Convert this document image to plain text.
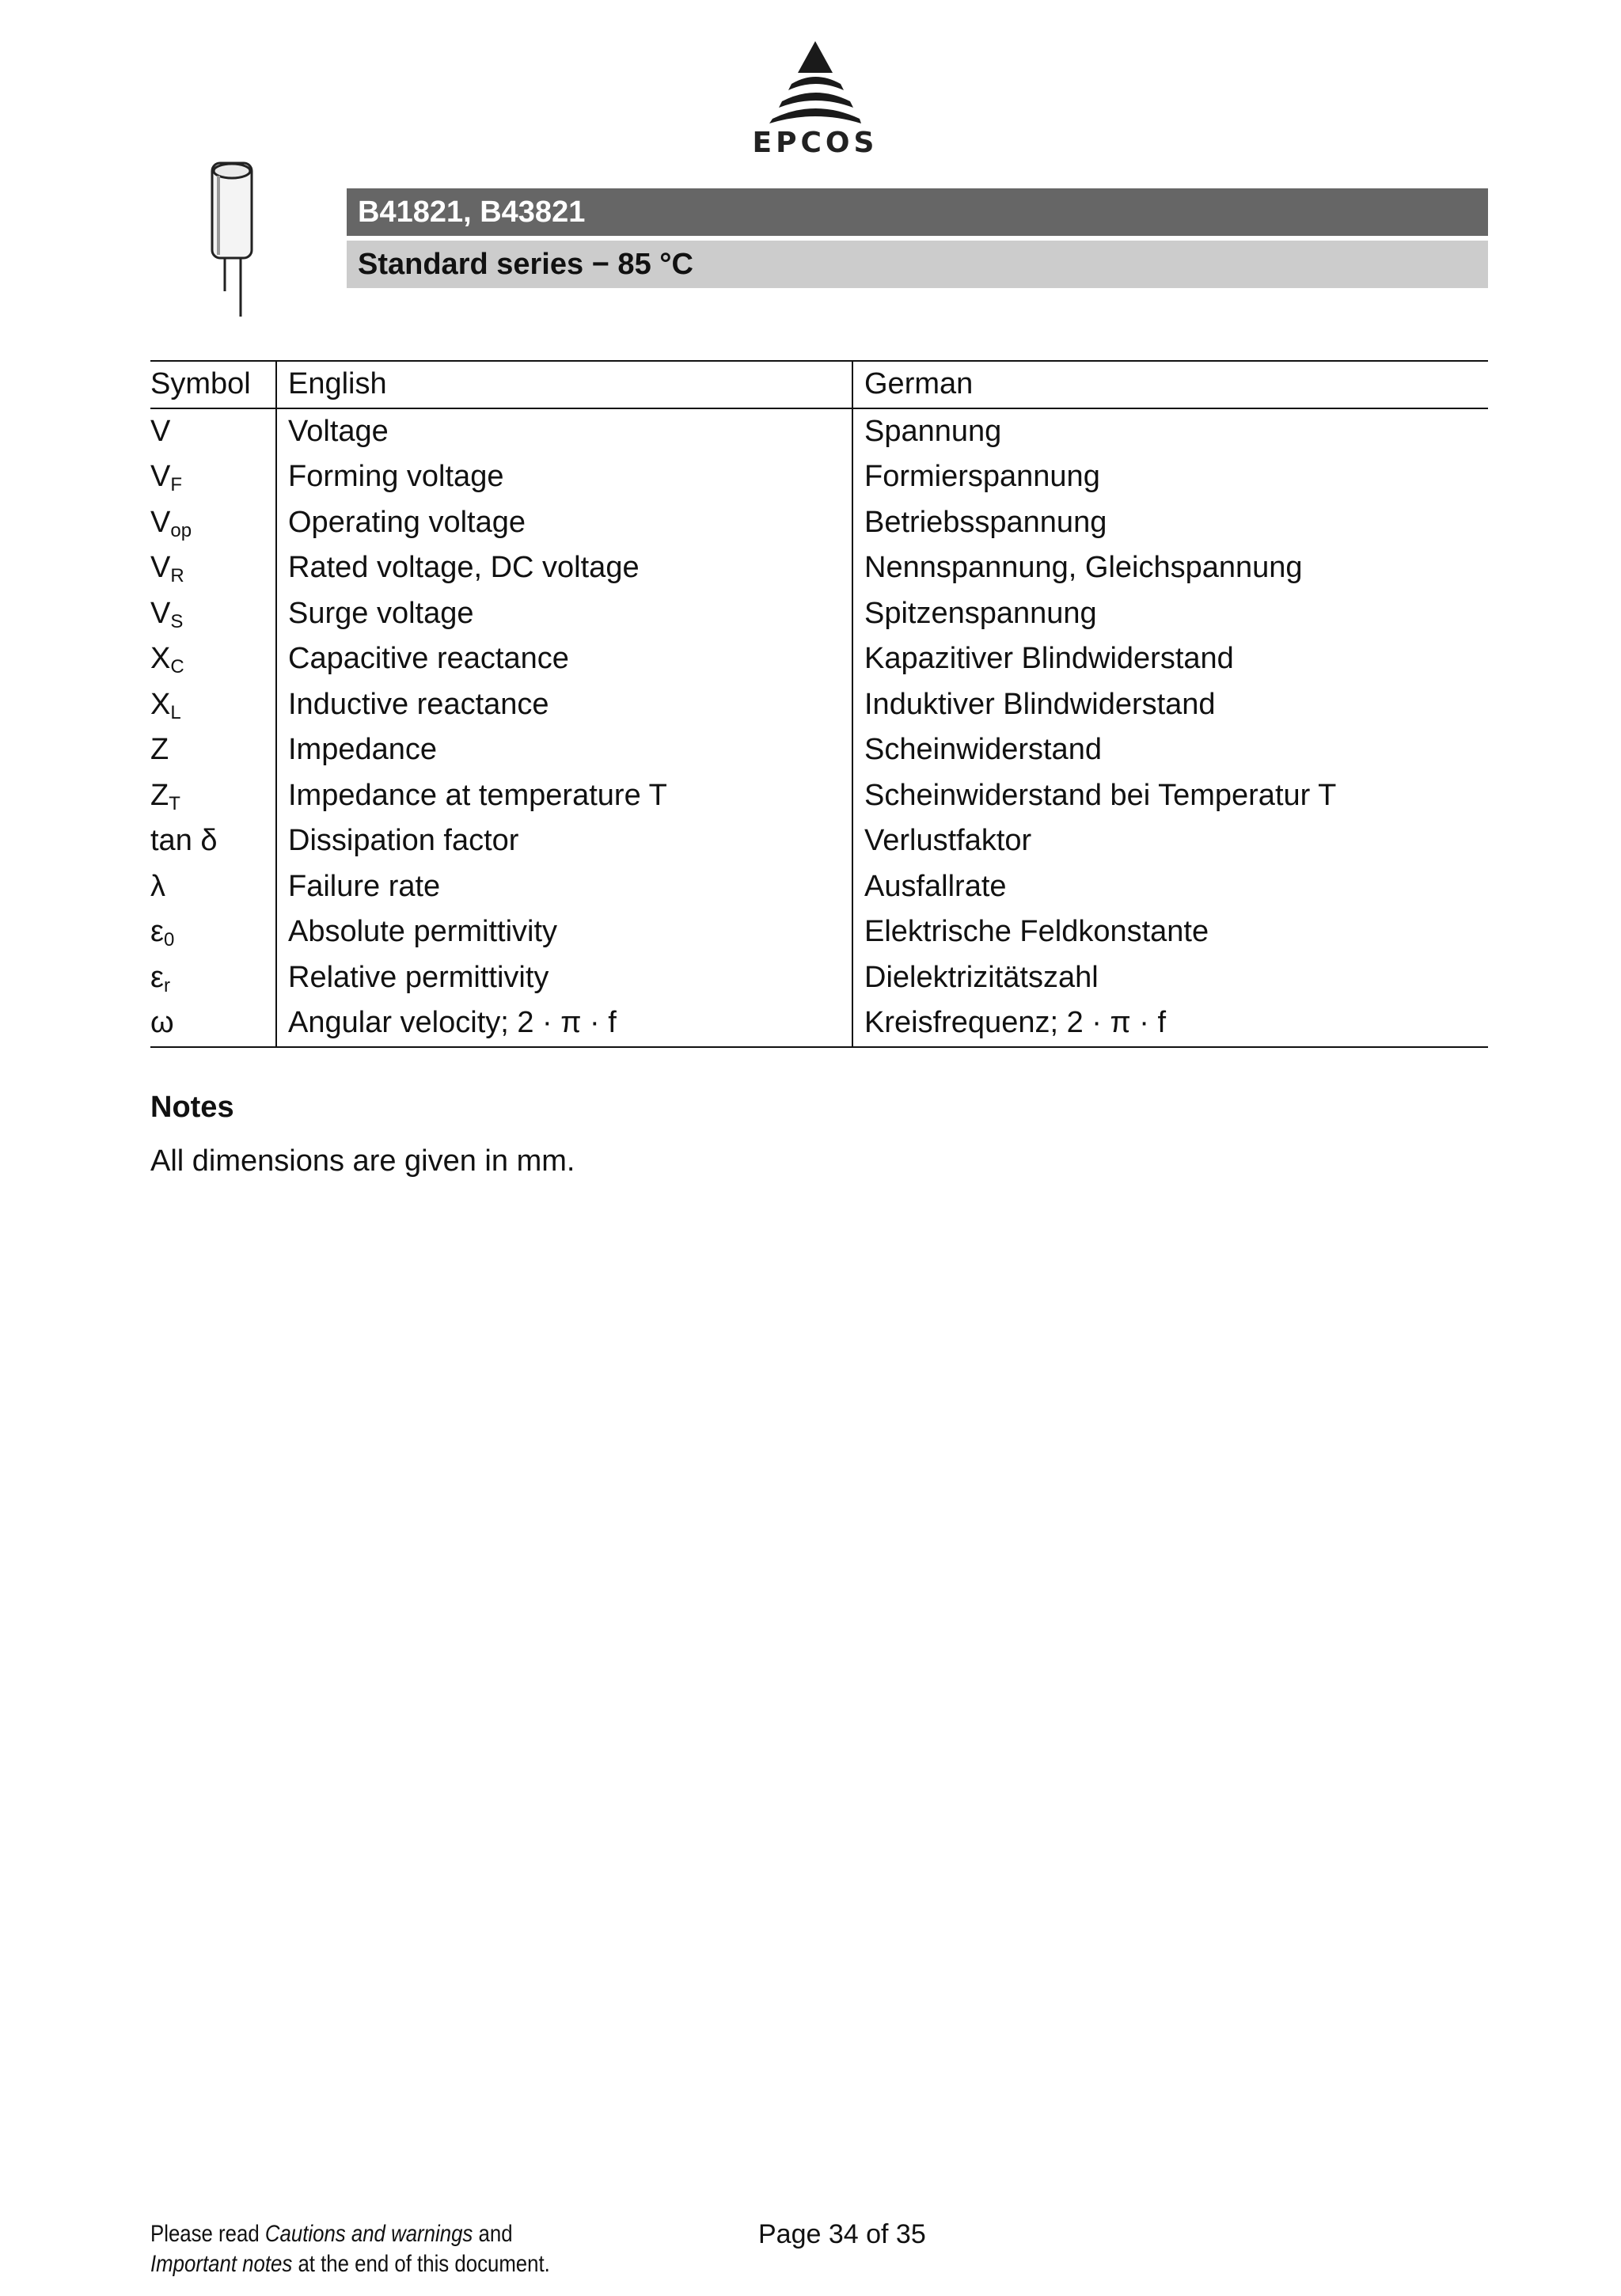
EPCOS
B41821, B43821
Standard series − 85 °C
Symbol	English	German
V	Voltage	Spannung
$V_F$	Forming voltage	Formierspannung
$V_{op}$	Operating voltage	Betriebsspannung
$V_R$	Rated voltage, DC voltage	Nennspannung, Gleichspannung
$V_S$	Surge voltage	Spitzenspannung
$X_C$	Capacitive reactance	Kapazitiver Blindwiderstand
$X_L$	Inductive reactance	Induktiver Blindwiderstand
Z	Impedance	Scheinwiderstand
$Z_T$	Impedance at temperature T	Scheinwiderstand bei Temperatur T
tan δ	Dissipation factor	Verlustfaktor
λ	Failure rate	Ausfallrate
$\varepsilon_0$	Absolute permittivity	Elektrische Feldkonstante
$\varepsilon_r$	Relative permittivity	Dielektrizitätszahl
ω	Angular velocity; 2 · π · f	Kreisfrequenz; 2 · π · f
Notes
All dimensions are given in mm.
Please read Cautions and warnings and
Important notes at the end of this document.
Page 34 of 35
